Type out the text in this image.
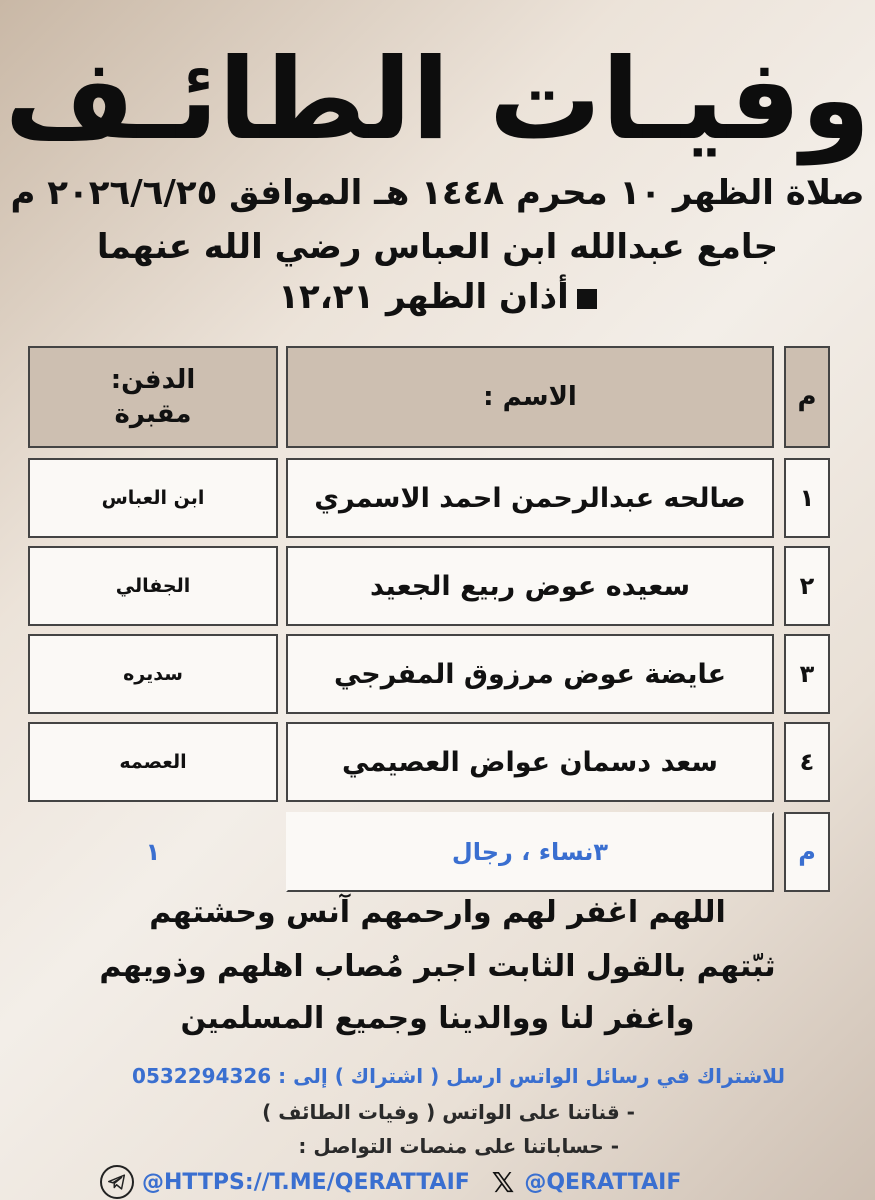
وفيـات الطائـف
صلاة الظهر ١٠ محرم ١٤٤٨ هـ الموافق ٢٠٢٦/٦/٢٥ م
جامع عبدالله ابن العباس رضي الله عنهما
أذان الظهر ١٢،٢١
م
الاسم :
الدفن:
مقبرة
١
صالحه عبدالرحمن احمد الاسمري
ابن العباس
٢
سعيده عوض ربيع الجعيد
الجفالي
٣
عايضة عوض مرزوق المفرجي
سديره
٤
سعد دسمان عواض العصيمي
العصمه
م
٣نساء ، رجال
١
اللهم اغفر لهم وارحمهم آنس وحشتهم
ثبّتهم بالقول الثابت اجبر مُصاب اهلهم وذويهم
واغفر لنا ووالدينا وجميع المسلمين
للاشتراك في رسائل الواتس ارسل ( اشتراك ) إلى : 0532294326
- قناتنا على الواتس ( وفيات الطائف )
- حساباتنا على منصات التواصل :
@HTTPS://T.ME/QERATTAIF 𝕏 @QERATTAIF
